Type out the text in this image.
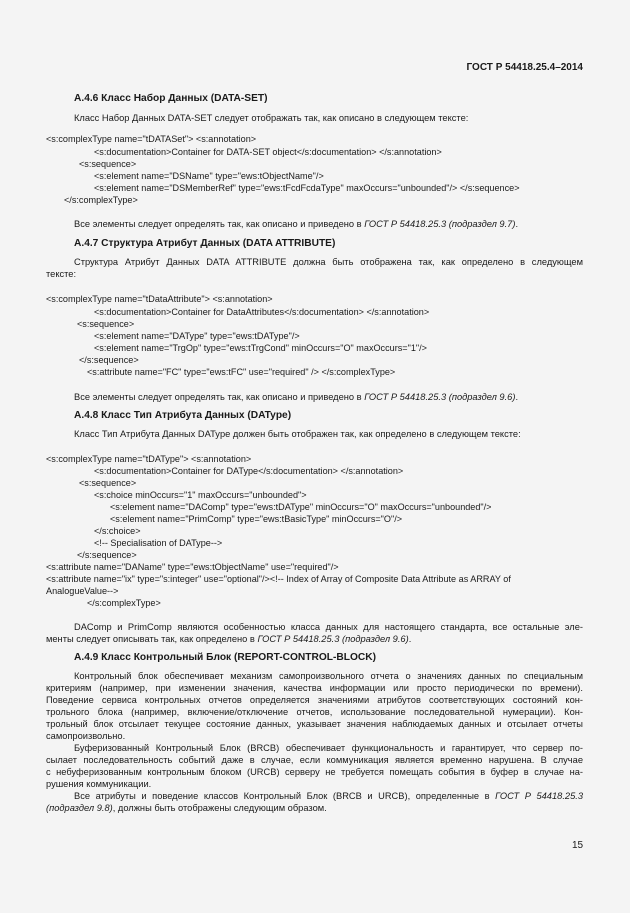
ГОСТ Р 54418.25.4–2014
А.4.6 Класс Набор Данных (DATA-SET)
Класс Набор Данных DATA-SET следует отображать так, как описано в следующем тексте:
<s:complexType name="tDATASet"> <s:annotation>
<s:documentation>Container for DATA-SET object</s:documentation> </s:annotation>
<s:sequence>
<s:element name="DSName" type="ews:tObjectName"/>
<s:element name="DSMemberRef" type="ews:tFcdFcdaType" maxOccurs="unbounded"/> </s:sequence>
</s:complexType>
Все элементы следует определять так, как описано и приведено в ГОСТ Р 54418.25.3 (подраздел 9.7).
А.4.7 Структура Атрибут Данных (DATA ATTRIBUTE)
Структура Атрибут Данных DATA ATTRIBUTE должна быть отображена так, как определено в следующем
тексте:
<s:complexType name="tDataAttribute"> <s:annotation>
<s:documentation>Container for DataAttributes</s:documentation> </s:annotation>
<s:sequence>
<s:element name="DAType" type="ews:tDAType"/>
<s:element name="TrgOp" type="ews:tTrgCond" minOccurs="O" maxOccurs="1"/>
</s:sequence>
<s:attribute name="FC" type="ews:tFC" use="required" /> </s:complexType>
Все элементы следует определять так, как описано и приведено в ГОСТ Р 54418.25.3 (подраздел 9.6).
А.4.8 Класс Тип Атрибута Данных (DAType)
Класс Тип Атрибута Данных DAType должен быть отображен так, как определено в следующем тексте:
<s:complexType name="tDAType"> <s:annotation>
<s:documentation>Container for DAType</s:documentation> </s:annotation>
<s:sequence>
<s:choice minOccurs="1" maxOccurs="unbounded">
<s:element name="DAComp" type="ews:tDAType" minOccurs="O" maxOccurs="unbounded"/>
<s:element name="PrimComp" type="ews:tBasicType" minOccurs="O"/>
</s:choice>
<!-- Specialisation of DAType-->
</s:sequence>
<s:attribute name="DAName" type="ews:tObjectName" use="required"/>
<s:attribute name="ix" type="s:integer" use="optional"/><!-- Index of Array of Composite Data Attribute as ARRAY of
AnalogueValue-->
</s:complexType>
DAComp и PrimComp являются особенностью класса данных для настоящего стандарта, все остальные эле-
менты следует описывать так, как определено в ГОСТ Р 54418.25.3 (подраздел 9.6).
А.4.9 Класс Контрольный Блок (REPORT-CONTROL-BLOCK)
Контрольный блок обеспечивает механизм самопроизвольного отчета о значениях данных по специальным
критериям (например, при изменении значения, качества информации или просто периодически по времени).
Поведение сервиса контрольных отчетов определяется значениями атрибутов соответствующих состояний кон-
трольного блока (например, включение/отключение отчетов, использование последовательной нумерации). Кон-
трольный блок отсылает текущее состояние данных, указывает значения наблюдаемых данных и отсылает отчеты
самопроизвольно.
Буферизованный Контрольный Блок (BRCB) обеспечивает функциональность и гарантирует, что сервер по-
сылает последовательность событий даже в случае, если коммуникация является временно нарушена. В случае
с небуферизованным контрольным блоком (URCB) серверу не требуется помещать события в буфер в случае на-
рушения коммуникации.
Все атрибуты и поведение классов Контрольный Блок (BRCB и URCB), определенные в ГОСТ Р 54418.25.3
(подраздел 9.8), должны быть отображены следующим образом.
15
